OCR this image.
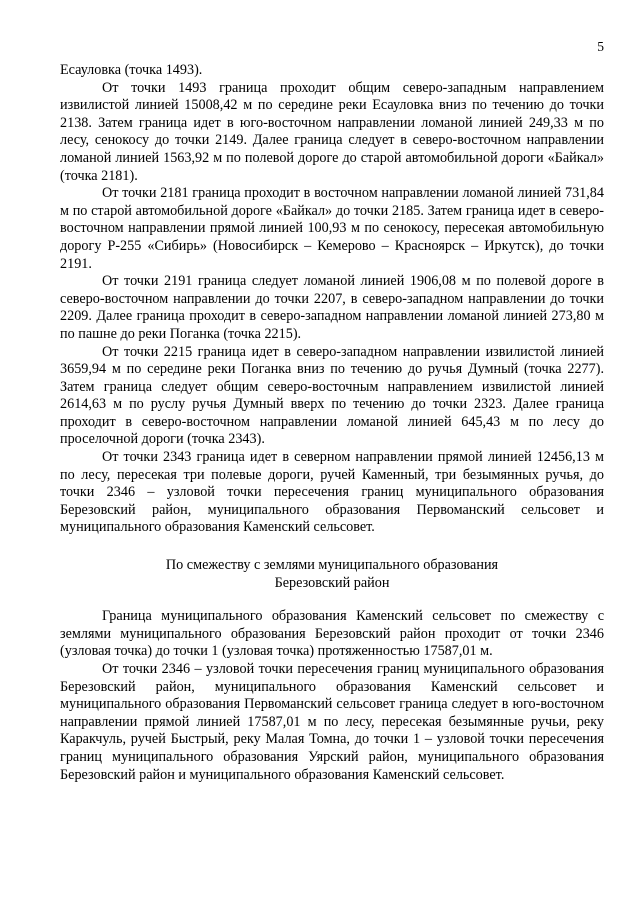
5

Есауловка (точка 1493).

От точки 1493 граница проходит общим северо-западным направлением извилистой линией 15008,42 м по середине реки Есауловка вниз по течению до точки 2138. Затем граница идет в юго-восточном направлении ломаной линией 249,33 м по лесу, сенокосу до точки 2149. Далее граница следует в северо-восточном направлении ломаной линией 1563,92 м по полевой дороге до старой автомобильной дороги «Байкал» (точка 2181).

От точки 2181 граница проходит в восточном направлении ломаной линией 731,84 м по старой автомобильной дороге «Байкал» до точки 2185. Затем граница идет в северо-восточном направлении прямой линией 100,93 м по сенокосу, пересекая автомобильную дорогу Р-255 «Сибирь» (Новосибирск – Кемерово – Красноярск – Иркутск), до точки 2191.

От точки 2191 граница следует ломаной линией 1906,08 м по полевой дороге в северо-восточном направлении до точки 2207, в северо-западном направлении до точки 2209. Далее граница проходит в северо-западном направлении ломаной линией 273,80 м по пашне до реки Поганка (точка 2215).

От точки 2215 граница идет в северо-западном направлении извилистой линией 3659,94 м по середине реки Поганка вниз по течению до ручья Думный (точка 2277). Затем граница следует общим северо-восточным направлением извилистой линией 2614,63 м по руслу ручья Думный вверх по течению до точки 2323. Далее граница проходит в северо-восточном направлении ломаной линией 645,43 м по лесу до проселочной дороги (точка 2343).

От точки 2343 граница идет в северном направлении прямой линией 12456,13 м по лесу, пересекая три полевые дороги, ручей Каменный, три безымянных ручья, до точки 2346 – узловой точки пересечения границ муниципального образования Березовский район, муниципального образования Первоманский сельсовет и муниципального образования Каменский сельсовет.

По смежеству с землями муниципального образования
Березовский район

Граница муниципального образования Каменский сельсовет по смежеству с землями муниципального образования Березовский район проходит от точки 2346 (узловая точка) до точки 1 (узловая точка) протяженностью 17587,01 м.

От точки 2346 – узловой точки пересечения границ муниципального образования Березовский район, муниципального образования Каменский сельсовет и муниципального образования Первоманский сельсовет граница следует в юго-восточном направлении прямой линией 17587,01 м по лесу, пересекая безымянные ручьи, реку Каракчуль, ручей Быстрый, реку Малая Томна, до точки 1 – узловой точки пересечения границ муниципального образования Уярский район, муниципального образования Березовский район и муниципального образования Каменский сельсовет.
